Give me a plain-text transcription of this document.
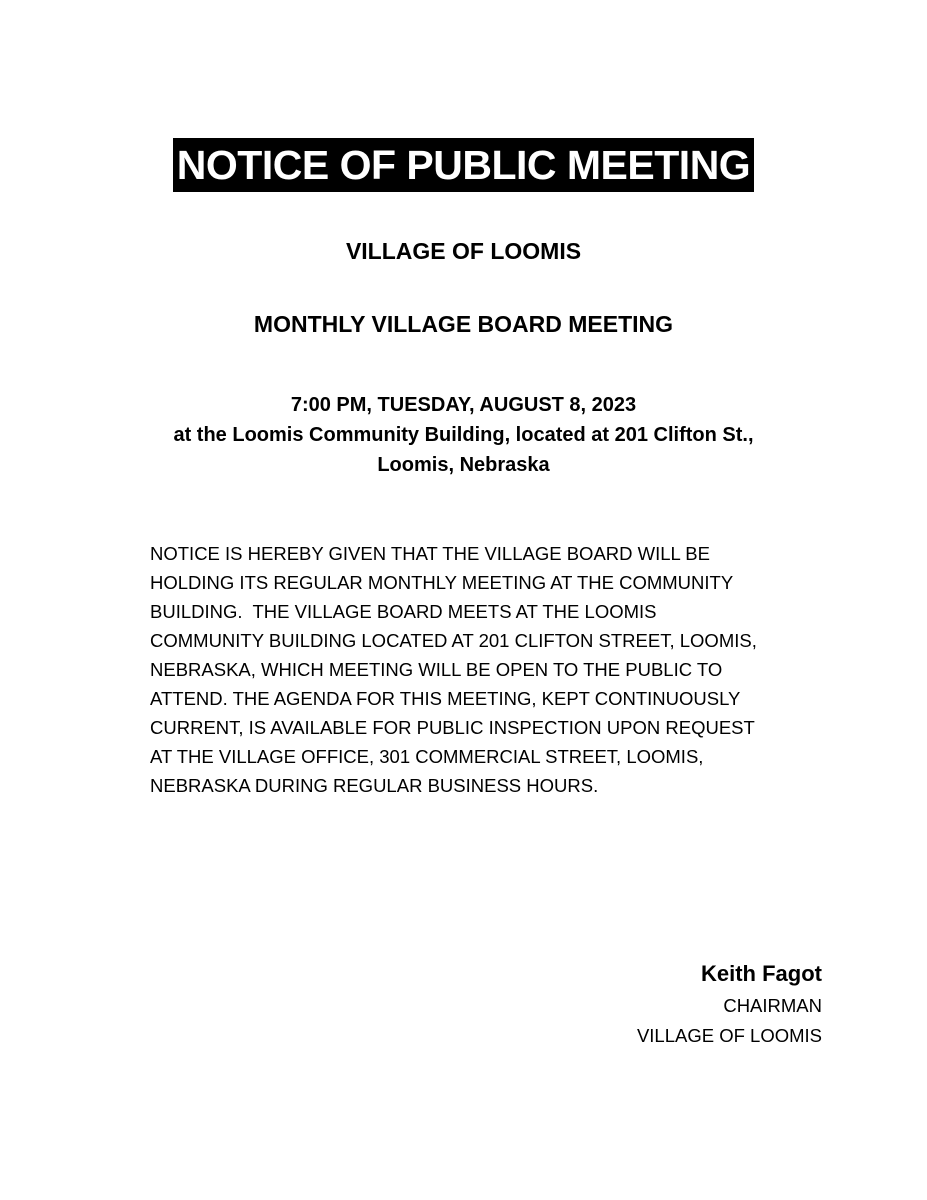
NOTICE OF PUBLIC MEETING
VILLAGE OF LOOMIS
MONTHLY VILLAGE BOARD MEETING
7:00 PM, TUESDAY, AUGUST 8, 2023
at the Loomis Community Building, located at 201 Clifton St.,
Loomis, Nebraska
NOTICE IS HEREBY GIVEN THAT THE VILLAGE BOARD WILL BE
HOLDING ITS REGULAR MONTHLY MEETING AT THE COMMUNITY
BUILDING.  THE VILLAGE BOARD MEETS AT THE LOOMIS
COMMUNITY BUILDING LOCATED AT 201 CLIFTON STREET, LOOMIS,
NEBRASKA, WHICH MEETING WILL BE OPEN TO THE PUBLIC TO
ATTEND. THE AGENDA FOR THIS MEETING, KEPT CONTINUOUSLY
CURRENT, IS AVAILABLE FOR PUBLIC INSPECTION UPON REQUEST
AT THE VILLAGE OFFICE, 301 COMMERCIAL STREET, LOOMIS,
NEBRASKA DURING REGULAR BUSINESS HOURS.
Keith Fagot
CHAIRMAN
VILLAGE OF LOOMIS
